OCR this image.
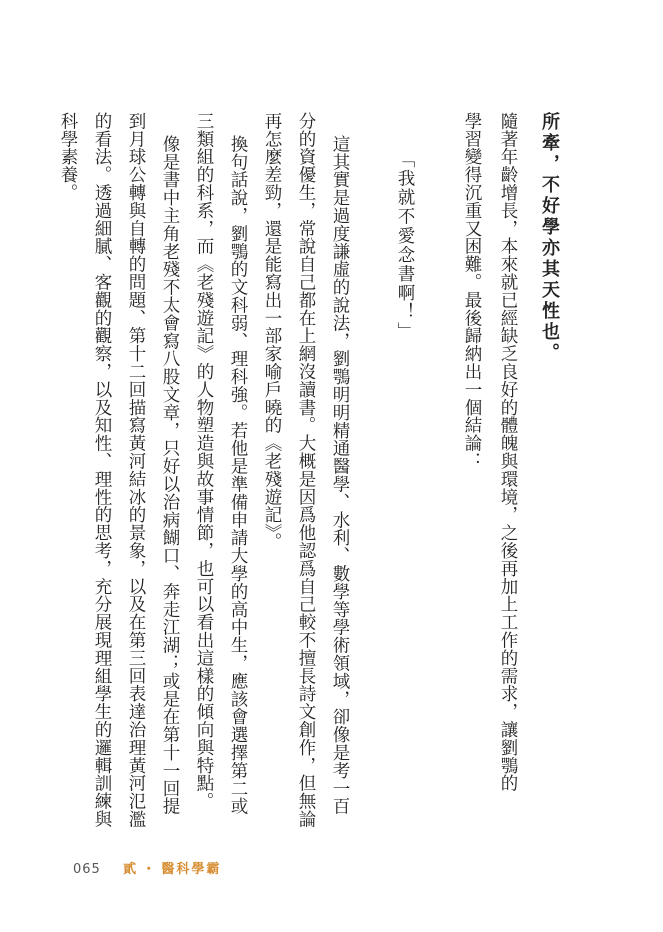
所牽，不好學亦其天性也。
隨著年齡增長，本來就已經缺乏良好的體魄與環境，之後再加上工作的需求，讓劉鶚的
學習變得沉重又困難。最後歸納出一個結論：
「我就不愛念書啊！」
這其實是過度謙虛的說法，劉鶚明明精通醫學、水利、數學等學術領域，卻像是考一百
分的資優生，常說自己都在上網沒讀書。大概是因爲他認爲自己較不擅長詩文創作，但無論
再怎麼差勁，還是能寫出一部家喻戶曉的《老殘遊記》。
換句話說，劉鶚的文科弱、理科強。若他是準備申請大學的高中生，應該會選擇第二或
三類組的科系，而《老殘遊記》的人物塑造與故事情節，也可以看出這樣的傾向與特點。
像是書中主角老殘不太會寫八股文章，只好以治病餬口、奔走江湖；或是在第十一回提
到月球公轉與自轉的問題、第十二回描寫黃河結冰的景象，以及在第三回表達治理黃河氾濫
的看法。透過細膩、客觀的觀察，以及知性、理性的思考，充分展現理組學生的邏輯訓練與
科學素養。
065 貳 ・ 醫科學霸
